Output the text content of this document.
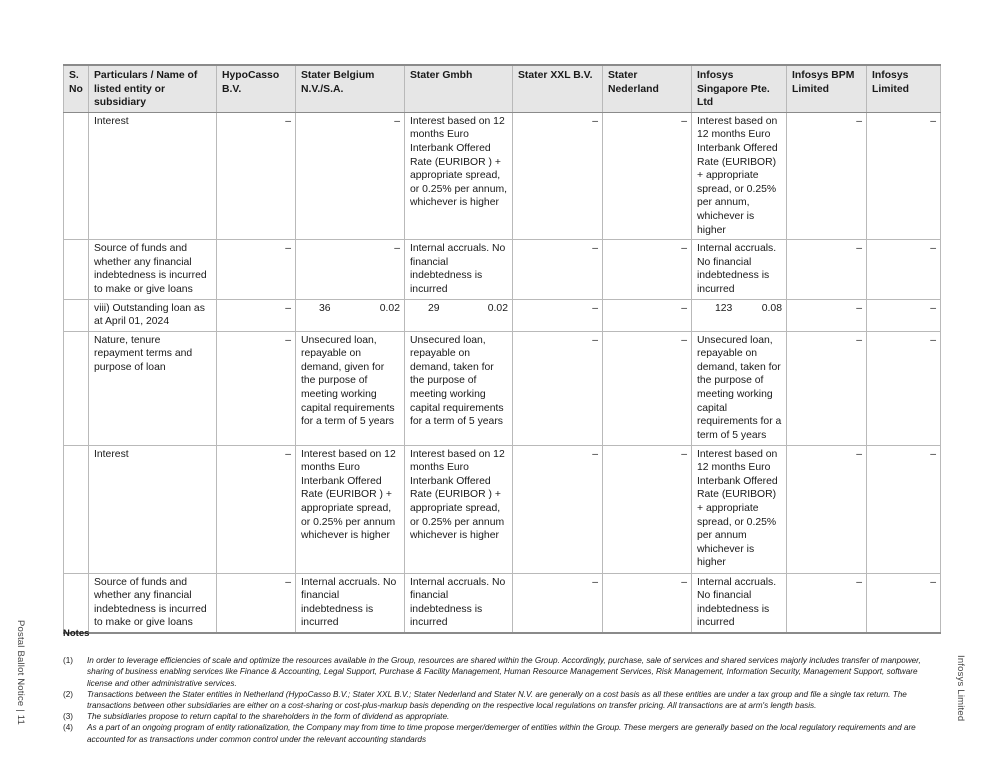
Postal Ballot Notice | 11	Infosys Limited
S. No	Particulars / Name of listed entity or subsidiary	HypoCasso B.V.	Stater Belgium N.V./S.A.	Stater Gmbh	Stater XXL B.V.	Stater Nederland	Infosys Singapore Pte. Ltd	Infosys BPM Limited	Infosys Limited
	Interest	–	–	Interest based on 12 months Euro Interbank Offered Rate (EURIBOR ) + appropriate spread, or 0.25% per annum, whichever is higher	–	–	Interest based on 12 months Euro Interbank Offered Rate (EURIBOR) + appropriate spread, or 0.25% per annum, whichever is higher	–	–
	Source of funds and whether any financial indebtedness is incurred to make or give loans	–	–	Internal accruals. No financial indebtedness is incurred	–	–	Internal accruals. No financial indebtedness is incurred	–	–
	viii) Outstanding loan as at April 01, 2024	–	36 0.02	29 0.02	–	–	123 0.08	–	–
	Nature, tenure repayment terms and purpose of loan	–	Unsecured loan, repayable on demand, given for the purpose of meeting working capital requirements for a term of 5 years	Unsecured loan, repayable on demand, taken for the purpose of meeting working capital requirements for a term of 5 years	–	–	Unsecured loan, repayable on demand, taken for the purpose of meeting working capital requirements for a term of 5 years	–	–
	Interest	–	Interest based on 12 months Euro Interbank Offered Rate (EURIBOR ) + appropriate spread, or 0.25% per annum whichever is higher	Interest based on 12 months Euro Interbank Offered Rate (EURIBOR ) + appropriate spread, or 0.25% per annum whichever is higher	–	–	Interest based on 12 months Euro Interbank Offered Rate (EURIBOR) + appropriate spread, or 0.25% per annum whichever is higher	–	–
	Source of funds and whether any financial indebtedness is incurred to make or give loans	–	Internal accruals. No financial indebtedness is incurred	Internal accruals. No financial indebtedness is incurred	–	–	Internal accruals. No financial indebtedness is incurred	–	–
Notes
(1)	In order to leverage efficiencies of scale and optimize the resources available in the Group, resources are shared within the Group. Accordingly, purchase, sale of services and shared services majorly includes transfer of manpower, sharing of business enabling services like Finance & Accounting, Legal Support, Purchase & Facility Management, Human Resource Management Services, Risk Management, Information Security, Management Support, software license and other administrative services.
(2)	Transactions between the Stater entities in Netherland (HypoCasso B.V.; Stater XXL B.V.; Stater Nederland and Stater N.V. are generally on a cost basis as all these entities are under a tax group and file a single tax return. The transactions between other subsidiaries are either on a cost-sharing or cost-plus-markup basis depending on the respective local regulations on transfer pricing. All transactions are at arm's length basis.
(3)	The subsidiaries propose to return capital to the shareholders in the form of dividend as appropriate.
(4)	As a part of an ongoing program of entity rationalization, the Company may from time to time propose merger/demerger of entities within the Group. These mergers are generally based on the local regulatory requirements and are accounted for as transactions under common control under the relevant accounting standards
